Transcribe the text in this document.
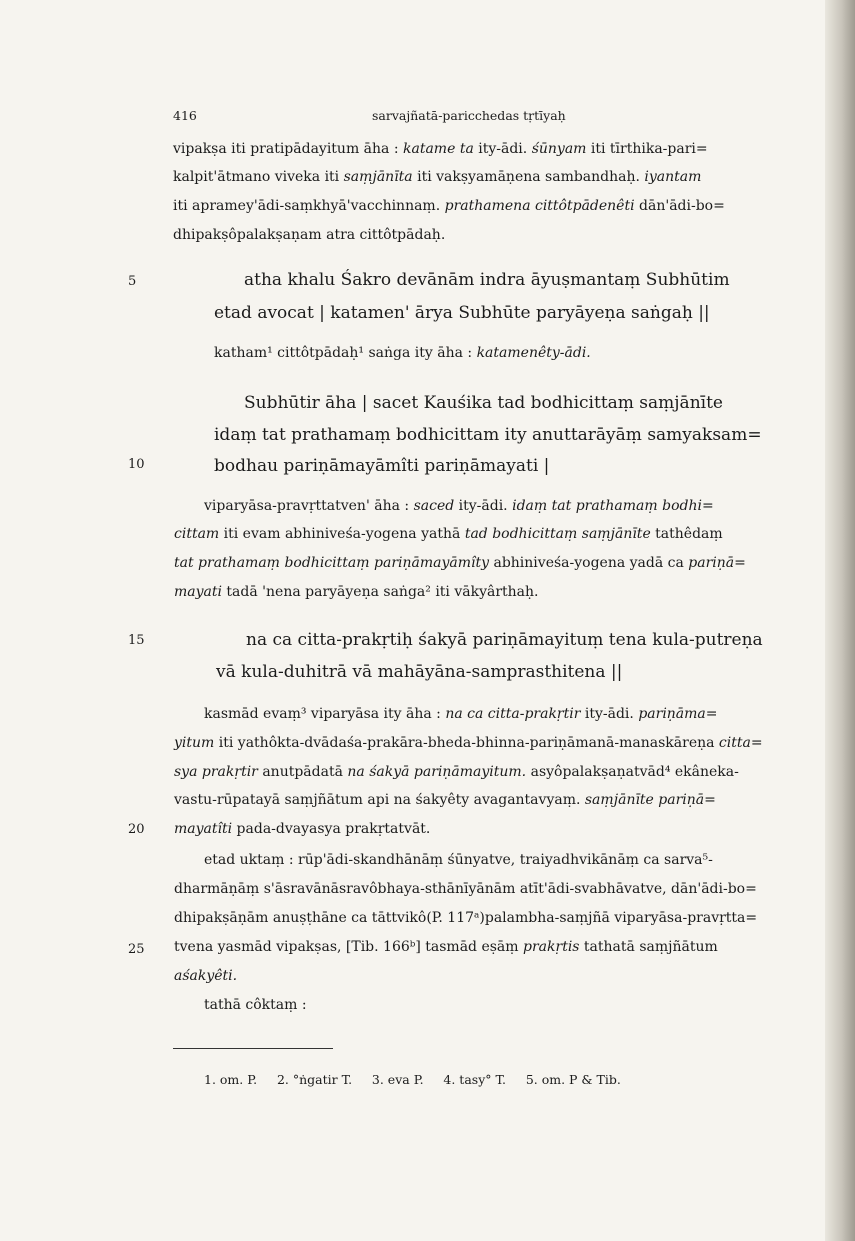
416	sarvajñatā-paricchedas tṛtīyaḥ
5
10
15
20
25
vipakṣa iti pratipādayitum āha : katame ta ity-ādi. śūnyam iti tīrthika-pari=
kalpit'ātmano viveka iti saṃjānīta iti vakṣyamāṇena sambandhaḥ. iyantam
iti apramey'ādi-saṃkhyā'vacchinnaṃ. prathamena cittôtpādenêti dān'ādi-bo=
dhipakṣôpalakṣaṇam atra cittôtpādaḥ.
atha khalu Śakro devānām indra āyuṣmantaṃ Subhūtim
etad avocat | katamen' ārya Subhūte paryāyeṇa saṅgaḥ ||
katham¹ cittôtpādaḥ¹ saṅga ity āha : katamenêty-ādi.
Subhūtir āha | sacet Kauśika tad bodhicittaṃ saṃjānīte
idaṃ tat prathamaṃ bodhicittam ity anuttarāyāṃ samyaksam=
bodhau pariṇāmayāmîti pariṇāmayati |
viparyāsa-pravṛttatven' āha : saced ity-ādi. idaṃ tat prathamaṃ bodhi=
cittam iti evam abhiniveśa-yogena yathā tad bodhicittaṃ saṃjānīte tathêdaṃ
tat prathamaṃ bodhicittaṃ pariṇāmayāmîty abhiniveśa-yogena yadā ca pariṇā=
mayati tadā 'nena paryāyeṇa saṅga² iti vākyârthaḥ.
na ca citta-prakṛtiḥ śakyā pariṇāmayituṃ tena kula-putreṇa
vā kula-duhitrā vā mahāyāna-samprasthitena ||
kasmād evaṃ³ viparyāsa ity āha : na ca citta-prakṛtir ity-ādi. pariṇāma=
yitum iti yathôkta-dvādaśa-prakāra-bheda-bhinna-pariṇāmanā-manaskāreṇa citta=
sya prakṛtir anutpādatā na śakyā pariṇāmayitum. asyôpalakṣaṇatvād⁴ ekâneka-
vastu-rūpatayā saṃjñātum api na śakyêty avagantavyaṃ. saṃjānīte pariṇā=
mayatîti pada-dvayasya prakṛtatvāt.
etad uktaṃ : rūp'ādi-skandhānāṃ śūnyatve, traiyadhvikānāṃ ca sarva⁵-
dharmāṇāṃ s'āsravānāsravôbhaya-sthānīyānām atīt'ādi-svabhāvatve, dān'ādi-bo=
dhipakṣāṇām anuṣṭhāne ca tāttvikô(P. 117ᵃ)palambha-saṃjñā viparyāsa-pravṛtta=
tvena yasmād vipakṣas, [Tib. 166ᵇ] tasmād eṣāṃ prakṛtis tathatā saṃjñātum
aśakyêti.
tathā côktaṃ :
1. om. P.     2. °ṅgatir T.     3. eva P.     4. tasy° T.     5. om. P & Tib.
